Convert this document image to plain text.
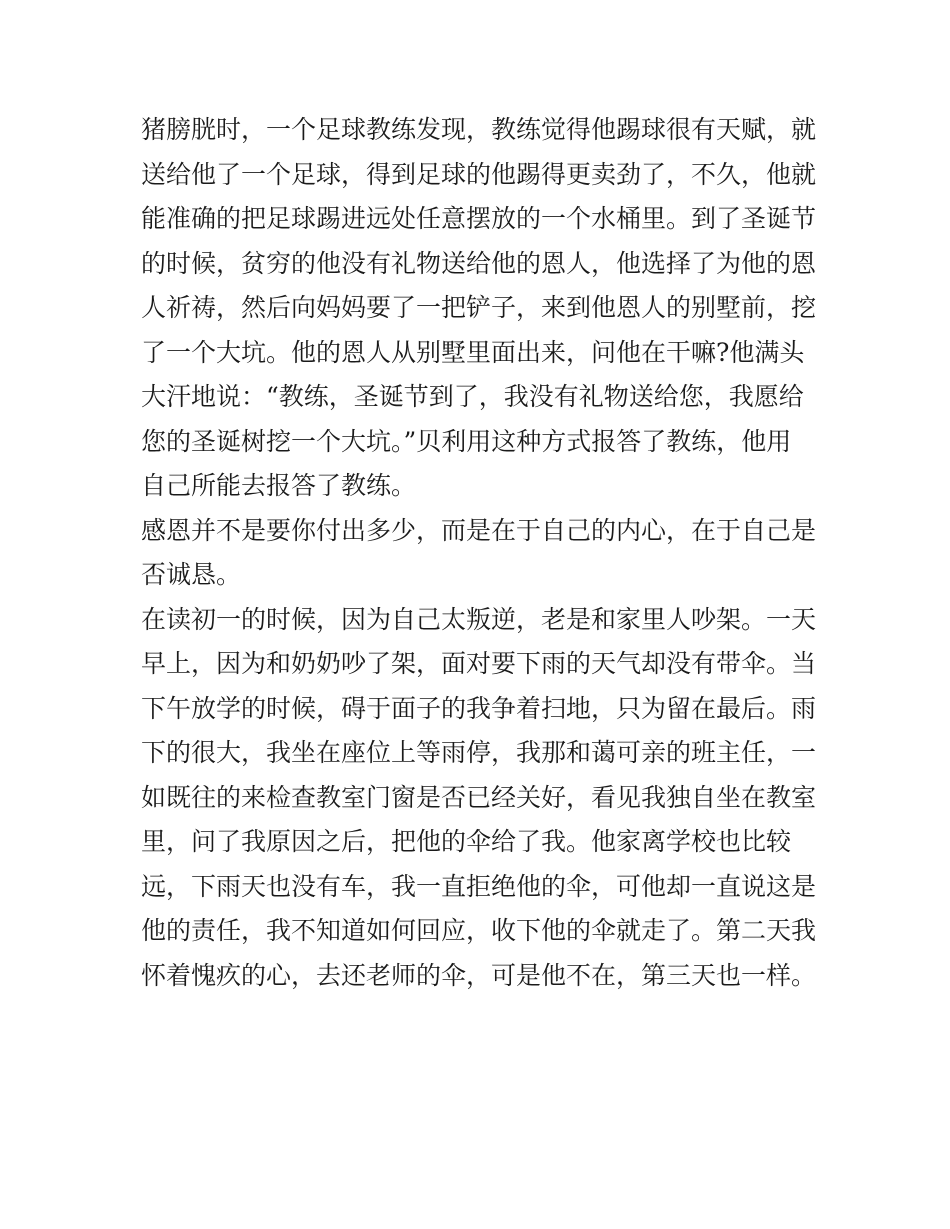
猪膀胱时，一个足球教练发现，教练觉得他踢球很有天赋，就
送给他了一个足球，得到足球的他踢得更卖劲了，不久，他就
能准确的把足球踢进远处任意摆放的一个水桶里。到了圣诞节
的时候，贫穷的他没有礼物送给他的恩人，他选择了为他的恩
人祈祷，然后向妈妈要了一把铲子，来到他恩人的别墅前，挖
了一个大坑。他的恩人从别墅里面出来，问他在干嘛?他满头
大汗地说：“教练，圣诞节到了，我没有礼物送给您，我愿给
您的圣诞树挖一个大坑。”贝利用这种方式报答了教练，他用
自己所能去报答了教练。
感恩并不是要你付出多少，而是在于自己的内心，在于自己是
否诚恳。
在读初一的时候，因为自己太叛逆，老是和家里人吵架。一天
早上，因为和奶奶吵了架，面对要下雨的天气却没有带伞。当
下午放学的时候，碍于面子的我争着扫地，只为留在最后。雨
下的很大，我坐在座位上等雨停，我那和蔼可亲的班主任，一
如既往的来检查教室门窗是否已经关好，看见我独自坐在教室
里，问了我原因之后，把他的伞给了我。他家离学校也比较
远，下雨天也没有车，我一直拒绝他的伞，可他却一直说这是
他的责任，我不知道如何回应，收下他的伞就走了。第二天我
怀着愧疚的心，去还老师的伞，可是他不在，第三天也一样。
